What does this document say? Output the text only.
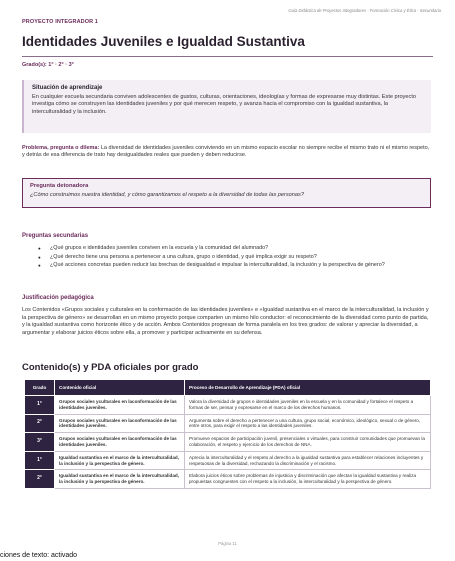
Guía Didáctica de Proyectos Integradores - Formación Cívica y Ética - Secundaria
PROYECTO INTEGRADOR 1
Identidades Juveniles e Igualdad Sustantiva
Grado(s): 1° · 2° · 3°
Situación de aprendizaje
En cualquier escuela secundaria conviven adolescentes de gustos, culturas, orientaciones, ideologías y formas de expresarse muy distintas. Este proyecto investiga cómo se construyen las identidades juveniles y por qué merecen respeto, y avanza hacia el compromiso con la igualdad sustantiva, la interculturalidad y la inclusión.
Problema, pregunta o dilema: La diversidad de identidades juveniles conviviendo en un mismo espacio escolar no siempre recibe el mismo trato ni el mismo respeto, y detrás de esa diferencia de trato hay desigualdades reales que pueden y deben reducirse.
Pregunta detonadora
¿Cómo construimos nuestra identidad, y cómo garantizamos el respeto a la diversidad de todas las personas?
Preguntas secundarias
● ¿Qué grupos e identidades juveniles conviven en la escuela y la comunidad del alumnado?
● ¿Qué derecho tiene una persona a pertenecer a una cultura, grupo o identidad, y qué implica exigir su respeto?
● ¿Qué acciones concretas pueden reducir las brechas de desigualdad e impulsar la interculturalidad, la inclusión y la perspectiva de género?
Justificación pedagógica
Los Contenidos «Grupos sociales y culturales en la conformación de las identidades juveniles» e «Igualdad sustantiva en el marco de la interculturalidad, la inclusión y la perspectiva de género» se desarrollan en un mismo proyecto porque comparten un mismo hilo conductor: el reconocimiento de la diversidad como punto de partida, y la igualdad sustantiva como horizonte ético y de acción. Ambos Contenidos progresan de forma paralela en los tres grados: de valorar y apreciar la diversidad, a argumentar y elaborar juicios éticos sobre ella, a promover y participar activamente en su defensa.
Contenido(s) y PDA oficiales por grado
Grado	Contenido oficial	Proceso de Desarrollo de Aprendizaje (PDA) oficial
1°	Grupos sociales yculturales en laconformación de las identidades juveniles.	Valora la diversidad de grupos e identidades juveniles en la escuela y en la comunidad y fortalece el respeto a formas de ser, pensar y expresarse en el marco de los derechos humanos.
2°	Grupos sociales yculturales en laconformación de las identidades juveniles.	Argumenta sobre el derecho a pertenecer a una cultura, grupo social, económico, ideológico, sexual o de género, entre otros, para exigir el respeto a las identidades juveniles.
3°	Grupos sociales yculturales en laconformación de las identidades juveniles.	Promueve espacios de participación juvenil, presenciales o virtuales, para construir comunidades que promuevan la colaboración, el respeto y ejercicio de los derechos de NNA.
1°	Igualdad sustantiva en el marco de la interculturalidad, la inclusión y la perspectiva de género.	Aprecia la interculturalidad y el respeto al derecho a la igualdad sustantiva para establecer relaciones incluyentes y respetuosas de la diversidad, rechazando la discriminación y el racismo.
2°	Igualdad sustantiva en el marco de la interculturalidad, la inclusión y la perspectiva de género.	Elabora juicios éticos sobre problemas de injusticia y discriminación que afectan la igualdad sustantiva y realiza propuestas congruentes con el respeto a la inclusión, la interculturalidad y la perspectiva de género.
Página 11
ciones de texto: activado
